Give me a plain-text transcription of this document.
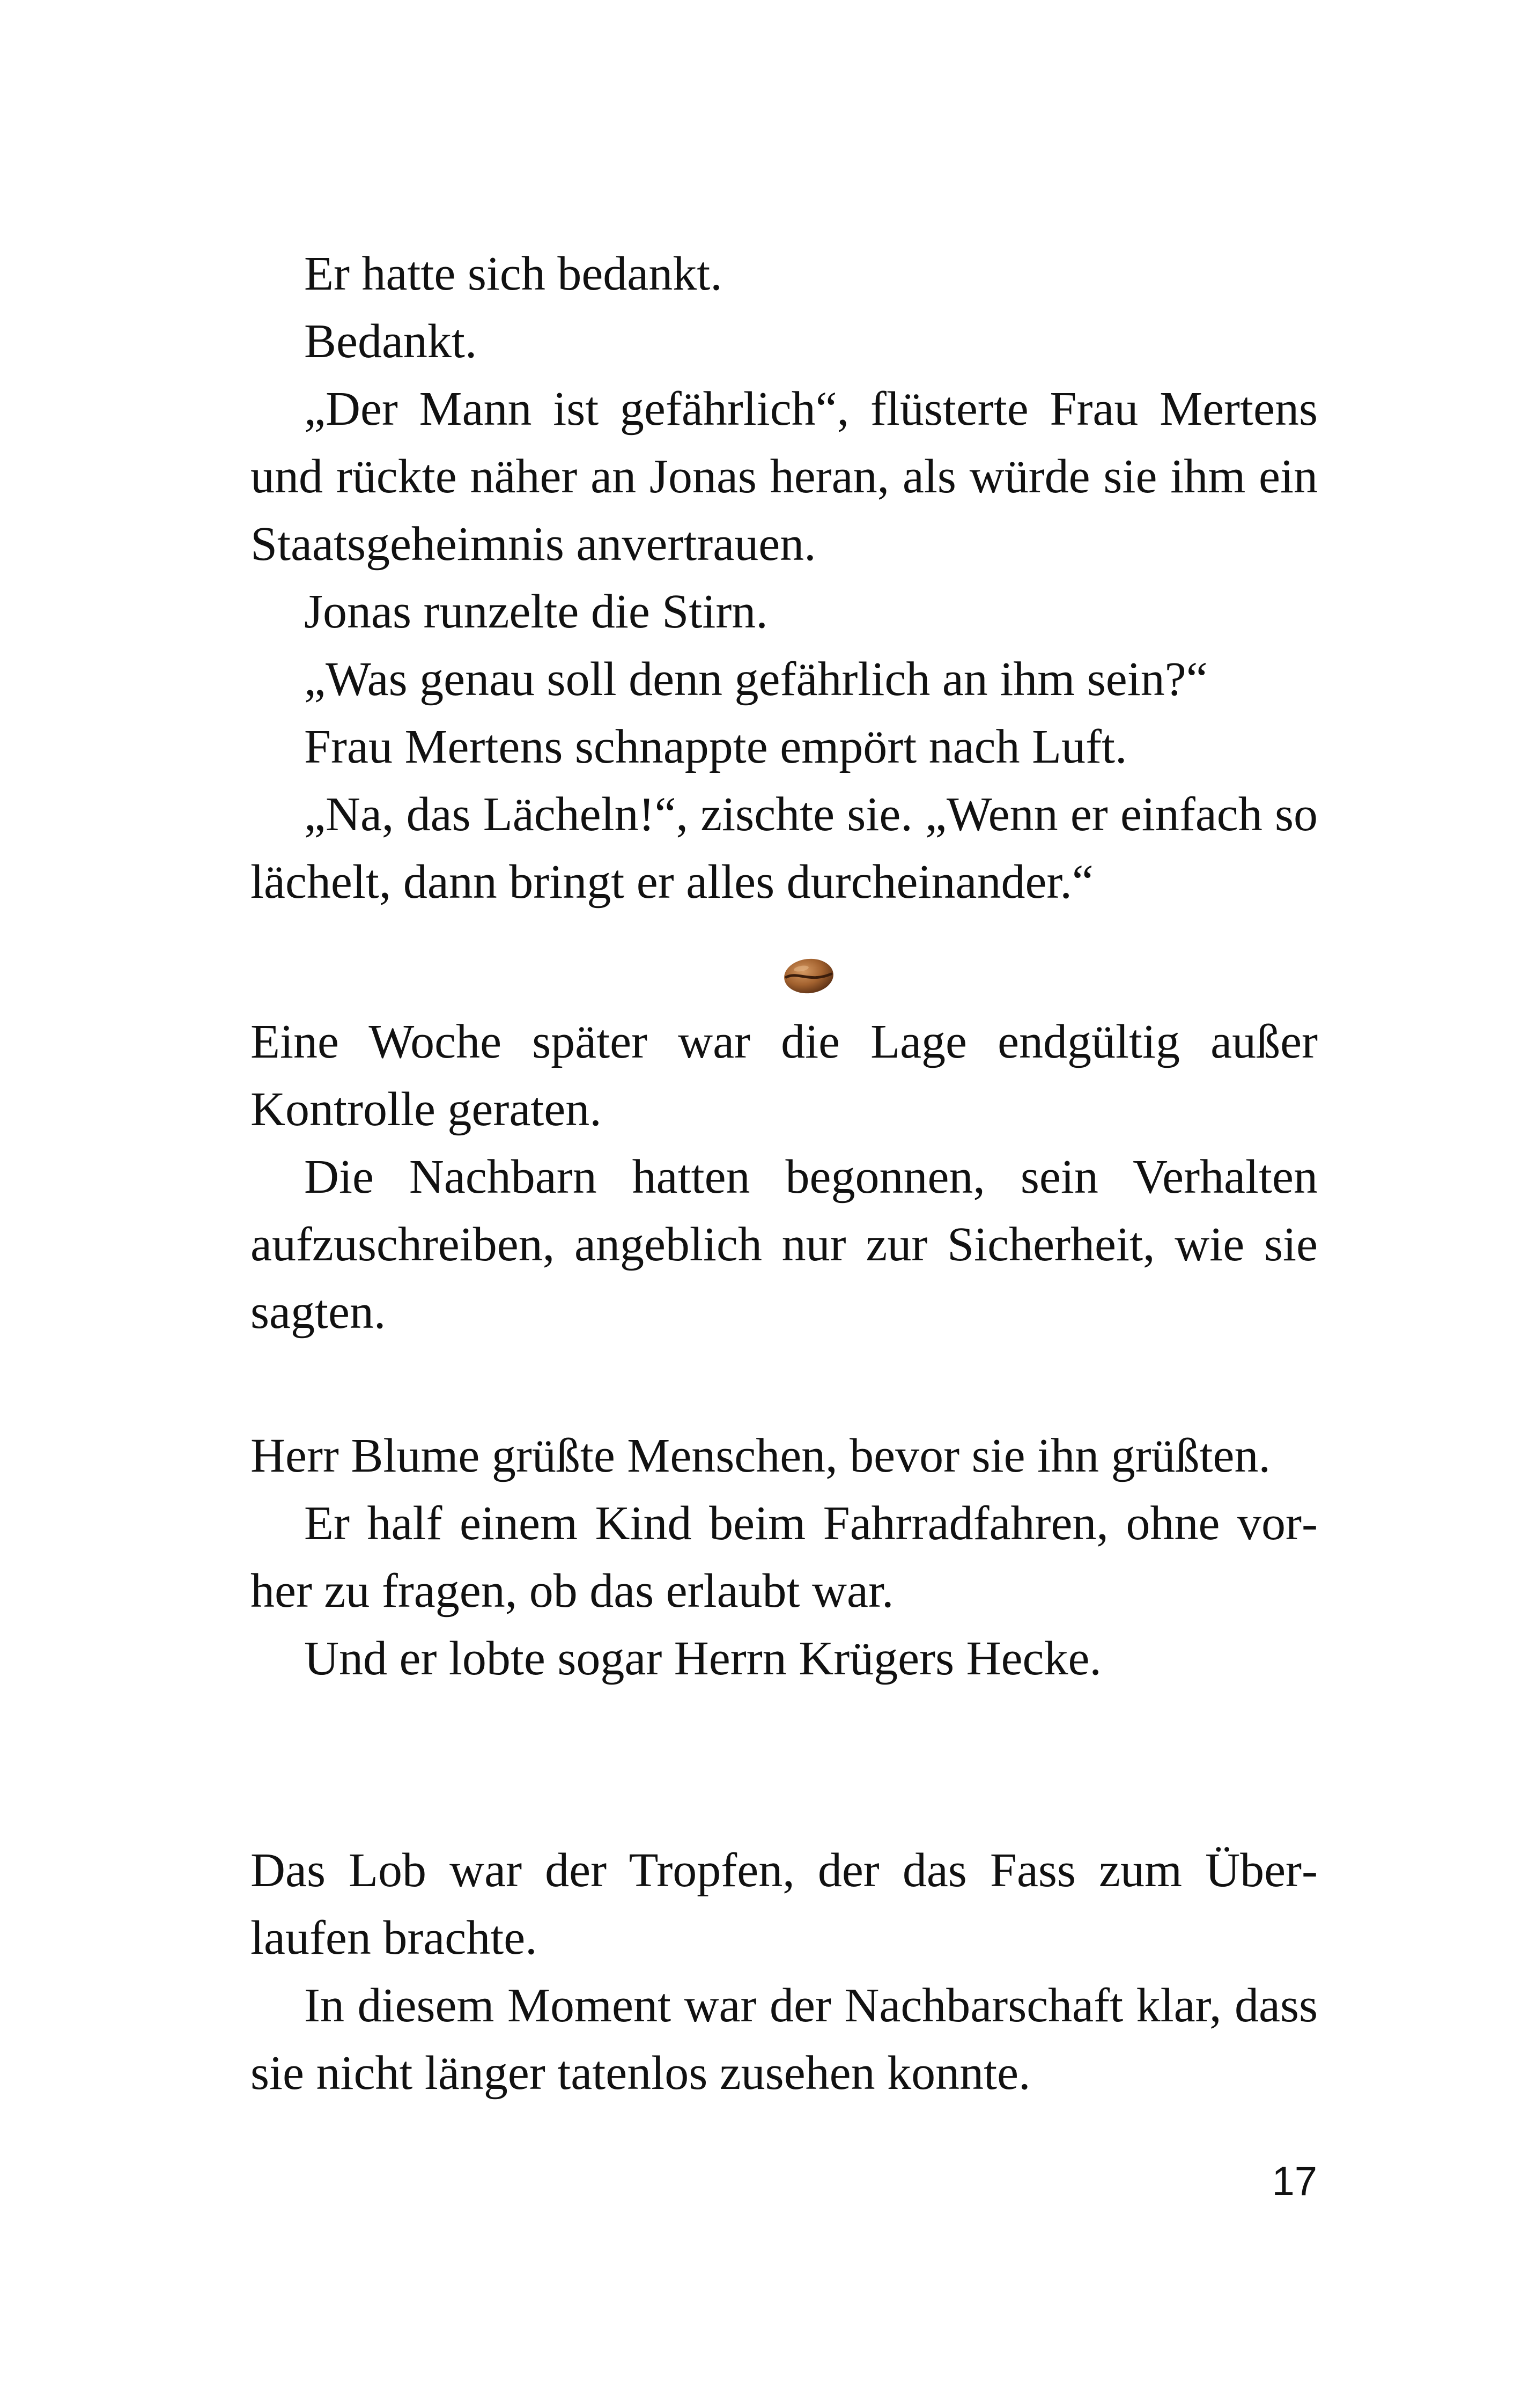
Er hatte sich bedankt.

Bedankt.

„Der Mann ist gefährlich“, flüsterte Frau Mertens und rückte näher an Jonas heran, als würde sie ihm ein Staatsgeheimnis anvertrauen.

Jonas runzelte die Stirn.

„Was genau soll denn gefährlich an ihm sein?“

Frau Mertens schnappte empört nach Luft.

„Na, das Lächeln!“, zischte sie. „Wenn er einfach so lächelt, dann bringt er alles durcheinander.“

Eine Woche später war die Lage endgültig außer Kontrolle geraten.

Die Nachbarn hatten begonnen, sein Verhalten aufzuschreiben, angeblich nur zur Sicherheit, wie sie sagten.

Herr Blume grüßte Menschen, bevor sie ihn grüßten.

Er half einem Kind beim Fahrradfahren, ohne vorher zu fragen, ob das erlaubt war.

Und er lobte sogar Herrn Krügers Hecke.

Das Lob war der Tropfen, der das Fass zum Überlaufen brachte.

In diesem Moment war der Nachbarschaft klar, dass sie nicht länger tatenlos zusehen konnte.

17
